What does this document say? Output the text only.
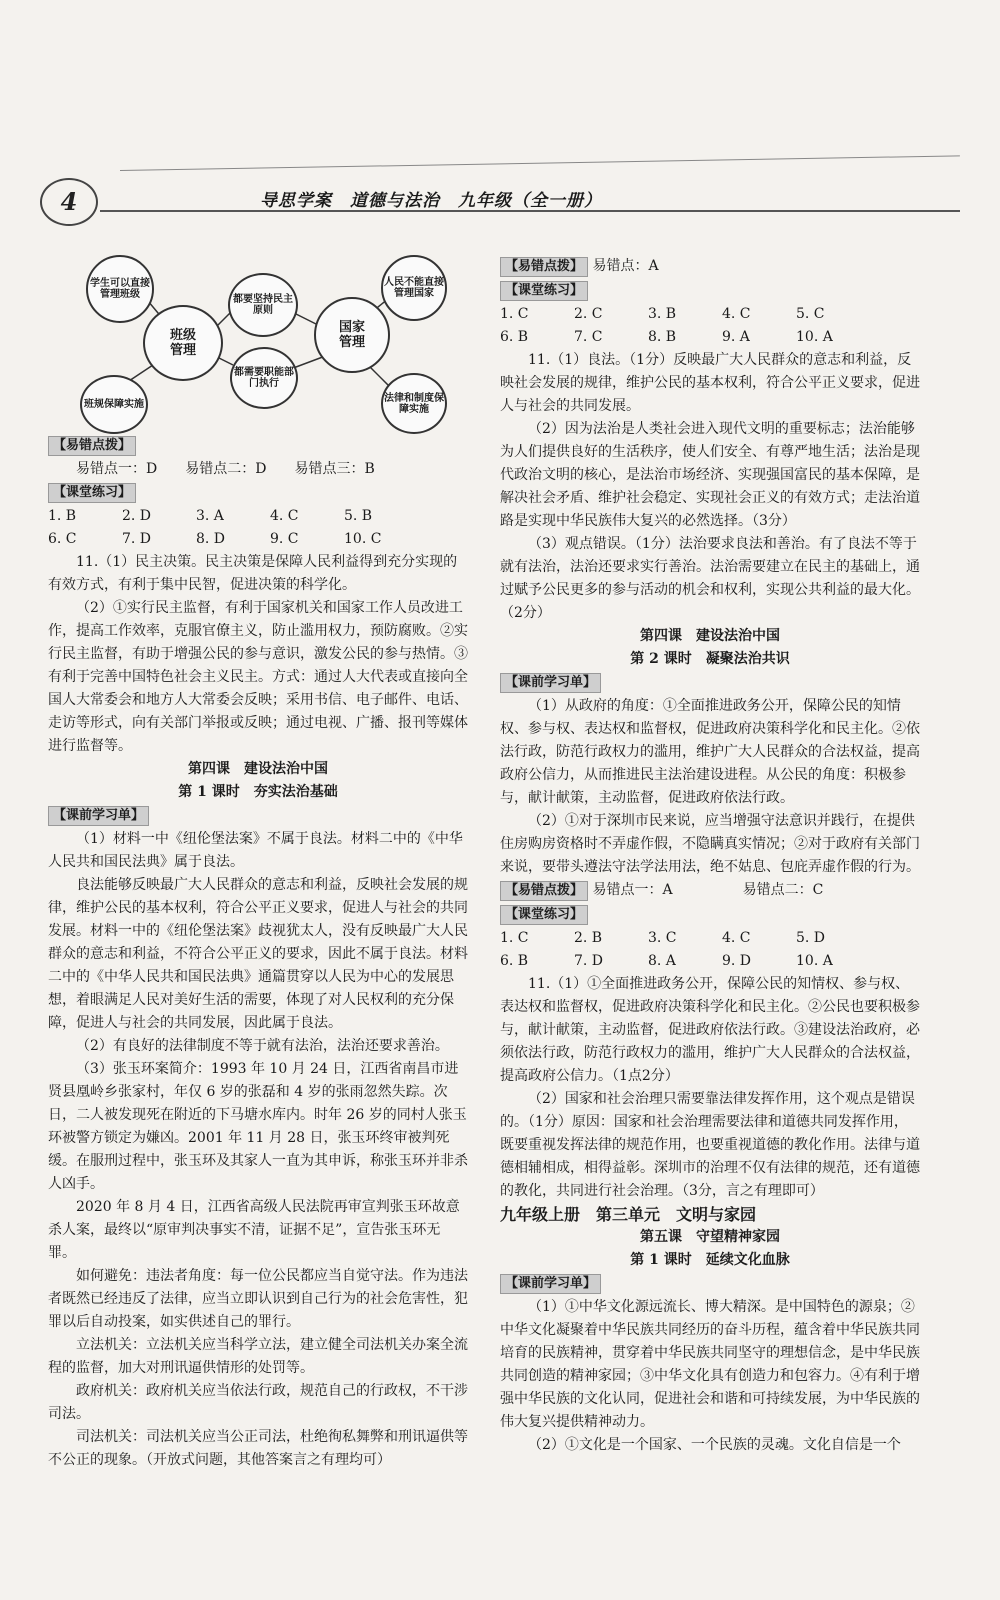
4	导思学案　道德与法治　九年级（全一册）
学生可以直接管理班级
班级
管理
班规保障实施
都要坚持民主原则
都需要职能部门执行
国家
管理
人民不能直接管理国家
法律和制度保障实施
【易错点拨】

易错点一：D　　易错点二：D　　易错点三：B

【课堂练习】
1. B	2. D	3. A	4. C	5. B
6. C	7. D	8. D	9. C	10. C

11.（1）民主决策。民主决策是保障人民利益得到充分实现的有效方式，有利于集中民智，促进决策的科学化。

（2）①实行民主监督，有利于国家机关和国家工作人员改进工作，提高工作效率，克服官僚主义，防止滥用权力，预防腐败。②实行民主监督，有助于增强公民的参与意识，激发公民的参与热情。③有利于完善中国特色社会主义民主。方式：通过人大代表或直接向全国人大常委会和地方人大常委会反映；采用书信、电子邮件、电话、走访等形式，向有关部门举报或反映；通过电视、广播、报刊等媒体进行监督等。

第四课　建设法治中国

第 1 课时　夯实法治基础

【课前学习单】

（1）材料一中《纽伦堡法案》不属于良法。材料二中的《中华人民共和国民法典》属于良法。

良法能够反映最广大人民群众的意志和利益，反映社会发展的规律，维护公民的基本权利，符合公平正义要求，促进人与社会的共同发展。材料一中的《纽伦堡法案》歧视犹太人，没有反映最广大人民群众的意志和利益，不符合公平正义的要求，因此不属于良法。材料二中的《中华人民共和国民法典》通篇贯穿以人民为中心的发展思想，着眼满足人民对美好生活的需要，体现了对人民权利的充分保障，促进人与社会的共同发展，因此属于良法。

（2）有良好的法律制度不等于就有法治，法治还要求善治。

（3）张玉环案简介：1993 年 10 月 24 日，江西省南昌市进贤县凰岭乡张家村，年仅 6 岁的张磊和 4 岁的张雨忽然失踪。次日，二人被发现死在附近的下马塘水库内。时年 26 岁的同村人张玉环被警方锁定为嫌凶。2001 年 11 月 28 日，张玉环终审被判死缓。在服刑过程中，张玉环及其家人一直为其申诉，称张玉环并非杀人凶手。

2020 年 8 月 4 日，江西省高级人民法院再审宣判张玉环故意杀人案，最终以“原审判决事实不清，证据不足”，宣告张玉环无罪。

如何避免：违法者角度：每一位公民都应当自觉守法。作为违法者既然已经违反了法律，应当立即认识到自己行为的社会危害性，犯罪以后自动投案，如实供述自己的罪行。

立法机关：立法机关应当科学立法，建立健全司法机关办案全流程的监督，加大对刑讯逼供情形的处罚等。

政府机关：政府机关应当依法行政，规范自己的行政权，不干涉司法。

司法机关：司法机关应当公正司法，杜绝徇私舞弊和刑讯逼供等不公正的现象。（开放式问题，其他答案言之有理均可）

【易错点拨】 易错点：A
【课堂练习】
1. C	2. C	3. B	4. C	5. C
6. B	7. C	8. B	9. A	10. A

11.（1）良法。（1分）反映最广大人民群众的意志和利益，反映社会发展的规律，维护公民的基本权利，符合公平正义要求，促进人与社会的共同发展。

（2）因为法治是人类社会进入现代文明的重要标志；法治能够为人们提供良好的生活秩序，使人们安全、有尊严地生活；法治是现代政治文明的核心，是法治市场经济、实现强国富民的基本保障，是解决社会矛盾、维护社会稳定、实现社会正义的有效方式；走法治道路是实现中华民族伟大复兴的必然选择。（3分）

（3）观点错误。（1分）法治要求良法和善治。有了良法不等于就有法治，法治还要求实行善治。法治需要建立在民主的基础上，通过赋予公民更多的参与活动的机会和权利，实现公共利益的最大化。（2分）

第四课　建设法治中国

第 2 课时　凝聚法治共识

【课前学习单】

（1）从政府的角度：①全面推进政务公开，保障公民的知情权、参与权、表达权和监督权，促进政府决策科学化和民主化。②依法行政，防范行政权力的滥用，维护广大人民群众的合法权益，提高政府公信力，从而推进民主法治建设进程。从公民的角度：积极参与，献计献策，主动监督，促进政府依法行政。

（2）①对于深圳市民来说，应当增强守法意识并践行，在提供住房购房资格时不弄虚作假，不隐瞒真实情况；②对于政府有关部门来说，要带头遵法守法学法用法，绝不姑息、包庇弄虚作假的行为。

【易错点拨】 易错点一：A　　　　　易错点二：C
【课堂练习】
1. C	2. B	3. C	4. C	5. D
6. B	7. D	8. A	9. D	10. A

11.（1）①全面推进政务公开，保障公民的知情权、参与权、表达权和监督权，促进政府决策科学化和民主化。②公民也要积极参与，献计献策，主动监督，促进政府依法行政。③建设法治政府，必须依法行政，防范行政权力的滥用，维护广大人民群众的合法权益，提高政府公信力。（1点2分）

（2）国家和社会治理只需要靠法律发挥作用，这个观点是错误的。（1分）原因：国家和社会治理需要法律和道德共同发挥作用，既要重视发挥法律的规范作用，也要重视道德的教化作用。法律与道德相辅相成，相得益彰。深圳市的治理不仅有法律的规范，还有道德的教化，共同进行社会治理。（3分，言之有理即可）

九年级上册　第三单元　文明与家园

第五课　守望精神家园

第 1 课时　延续文化血脉

【课前学习单】

（1）①中华文化源远流长、博大精深。是中国特色的源泉；②中华文化凝聚着中华民族共同经历的奋斗历程，蕴含着中华民族共同培育的民族精神，贯穿着中华民族共同坚守的理想信念，是中华民族共同创造的精神家园；③中华文化具有创造力和包容力。④有利于增强中华民族的文化认同，促进社会和谐和可持续发展，为中华民族的伟大复兴提供精神动力。

（2）①文化是一个国家、一个民族的灵魂。文化自信是一个
